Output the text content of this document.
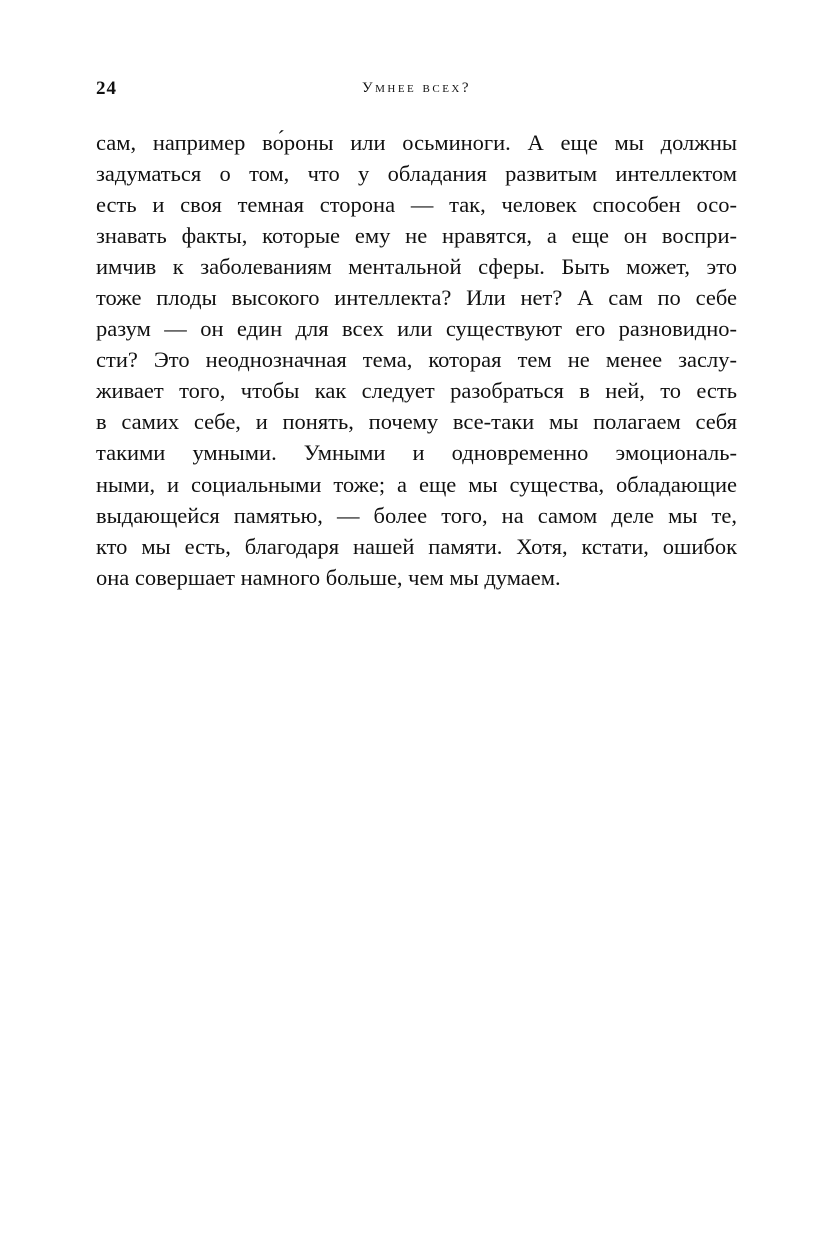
24	Умнее всех?
сам, например во́роны или осьминоги. А еще мы должны
задуматься о том, что у обладания развитым интеллектом
есть и своя темная сторона — так, человек способен осо-
знавать факты, которые ему не нравятся, а еще он воспри-
имчив к заболеваниям ментальной сферы. Быть может, это
тоже плоды высокого интеллекта? Или нет? А сам по себе
разум — он един для всех или существуют его разновидно-
сти? Это неоднозначная тема, которая тем не менее заслу-
живает того, чтобы как следует разобраться в ней, то есть
в самих себе, и понять, почему все-таки мы полагаем себя
такими умными. Умными и одновременно эмоциональ-
ными, и социальными тоже; а еще мы существа, обладающие
выдающейся памятью, — более того, на самом деле мы те,
кто мы есть, благодаря нашей памяти. Хотя, кстати, ошибок
она совершает намного больше, чем мы думаем.
